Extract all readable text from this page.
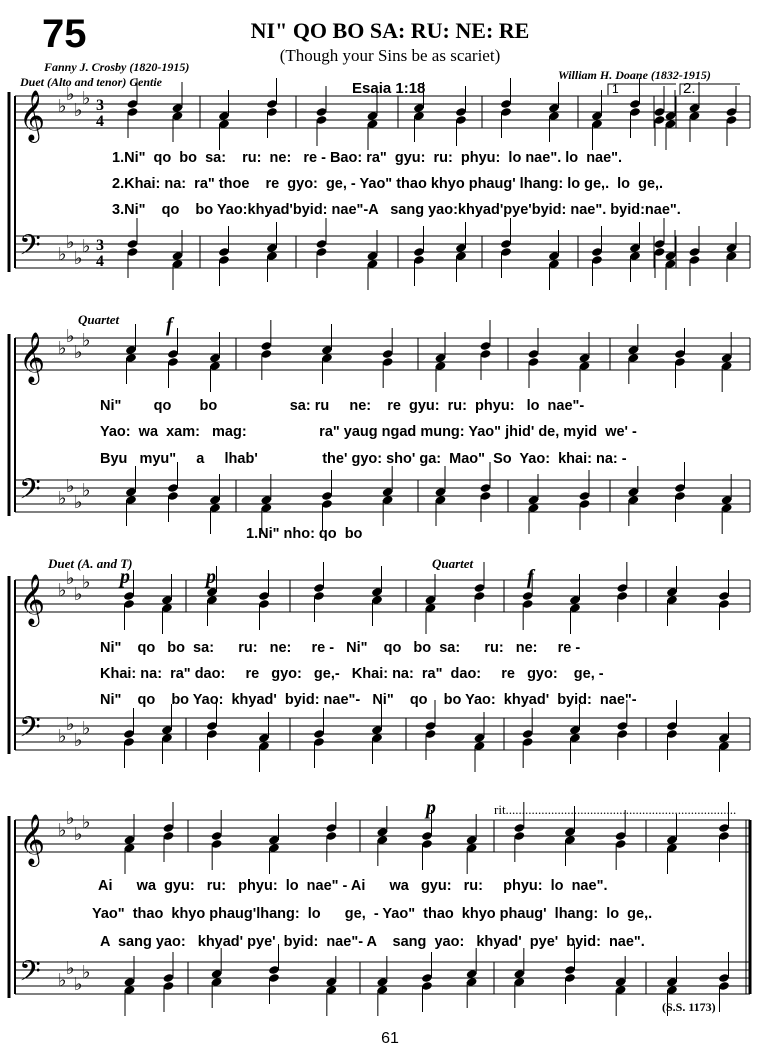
75	NI" QO BO SA: RU: NE: RE
(Though your Sins be as scariet)
Fanny J. Crosby (1820-1915)
Duet (Alto and tenor) Gentie	William H. Doane (1832-1915)
Esaia 1:18
𝄞 ♭
♭
♭
♭
𝄢 ♭
♭
♭
♭
𝄞 ♭
♭
♭
♭
𝄢 ♭
♭
♭
♭
𝄞 ♭
♭
♭
♭
𝄢 ♭
♭
♭
♭
𝄞 ♭
♭
♭
♭
𝄢 ♭
♭
♭
♭
3
4
3
4
1	2.
1.Ni"  qo  bo  sa:    ru:  ne:   re - Bao: ra"  gyu:  ru:  phyu:  lo nae". lo  nae".
2.Khai: na:  ra" thoe    re  gyo:  ge, - Yao" thao khyo phaug' lhang: lo ge,.  lo  ge,.
3.Ni"    qo    bo Yao:khyad'byid: nae"-A   sang yao:khyad'pye'byid: nae". byid:nae".
Quartet f
Ni"        qo       bo                  sa: ru     ne:    re  gyu:  ru:  phyu:   lo  nae"-
Yao:  wa  xam:   mag:                  ra" yaug ngad mung: Yao" jhid' de, myid  we' -
Byu   myu"     a     lhab'                the' gyo: sho' ga:  Mao"  So  Yao:  khai: na: -
1.Ni" nho: qo  bo
Duet (A. and T)	Quartet
p	p	f
Ni"    qo   bo  sa:      ru:   ne:     re -   Ni"    qo   bo  sa:      ru:   ne:     re -
Khai: na:  ra" dao:     re   gyo:   ge,-   Khai: na:  ra"  dao:     re   gyo:    ge, -
Ni"    qo    bo Yao:  khyad'  byid: nae"-   Ni"    qo    bo Yao:  khyad'  byid:  nae"-
p	rit.......................................................................
Ai      wa  gyu:   ru:   phyu:  lo  nae" - Ai      wa   gyu:   ru:     phyu:  lo  nae".
Yao"  thao  khyo phaug'lhang:  lo      ge,  - Yao"  thao  khyo phaug'  lhang:  lo  ge,.
A  sang yao:   khyad' pye'  byid:  nae"- A    sang  yao:   khyad'  pye'  byid:  nae".
(S.S. 1173)
61
